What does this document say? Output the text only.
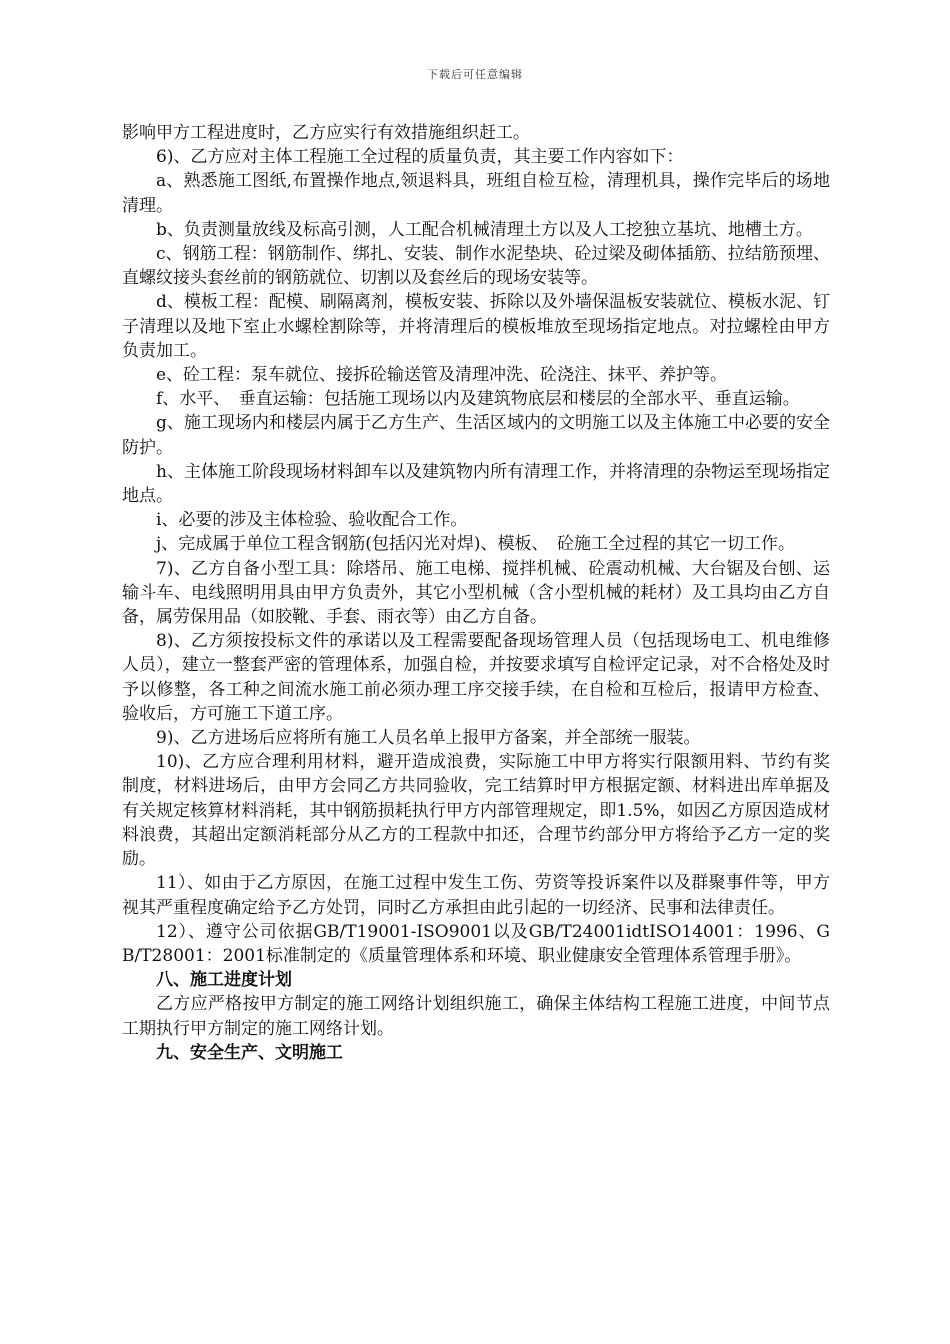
下载后可任意编辑

影响甲方工程进度时，乙方应实行有效措施组织赶工。

6)、乙方应对主体工程施工全过程的质量负责，其主要工作内容如下：

a、熟悉施工图纸,布置操作地点,领退料具，班组自检互检，清理机具，操作完毕后的场地清理。

b、负责测量放线及标高引测，人工配合机械清理土方以及人工挖独立基坑、地槽土方。

c、钢筋工程：钢筋制作、绑扎、安装、制作水泥垫块、砼过梁及砌体插筋、拉结筋预埋、直螺纹接头套丝前的钢筋就位、切割以及套丝后的现场安装等。

d、模板工程：配模、刷隔离剂，模板安装、拆除以及外墙保温板安装就位、模板水泥、钉子清理以及地下室止水螺栓割除等，并将清理后的模板堆放至现场指定地点。对拉螺栓由甲方负责加工。

e、砼工程：泵车就位、接拆砼输送管及清理冲洗、砼浇注、抹平、养护等。

f、水平、　垂直运输：包括施工现场以内及建筑物底层和楼层的全部水平、垂直运输。

g、施工现场内和楼层内属于乙方生产、生活区域内的文明施工以及主体施工中必要的安全防护。

h、主体施工阶段现场材料卸车以及建筑物内所有清理工作，并将清理的杂物运至现场指定地点。

i、必要的涉及主体检验、验收配合工作。

j、完成属于单位工程含钢筋(包括闪光对焊)、模板、　砼施工全过程的其它一切工作。

7)、乙方自备小型工具：除塔吊、施工电梯、搅拌机械、砼震动机械、大台锯及台刨、运输斗车、电线照明用具由甲方负责外，其它小型机械（含小型机械的耗材）及工具均由乙方自备，属劳保用品（如胶靴、手套、雨衣等）由乙方自备。

8)、乙方须按投标文件的承诺以及工程需要配备现场管理人员（包括现场电工、机电维修人员），建立一整套严密的管理体系，加强自检，并按要求填写自检评定记录，对不合格处及时予以修整，各工种之间流水施工前必须办理工序交接手续，在自检和互检后，报请甲方检查、验收后，方可施工下道工序。

9)、乙方进场后应将所有施工人员名单上报甲方备案，并全部统一服装。

10)、乙方应合理利用材料，避开造成浪费，实际施工中甲方将实行限额用料、节约有奖制度，材料进场后，由甲方会同乙方共同验收，完工结算时甲方根据定额、材料进出库单据及有关规定核算材料消耗，其中钢筋损耗执行甲方内部管理规定，即1.5%，如因乙方原因造成材料浪费，其超出定额消耗部分从乙方的工程款中扣还，合理节约部分甲方将给予乙方一定的奖励。

11）、如由于乙方原因，在施工过程中发生工伤、劳资等投诉案件以及群聚事件等，甲方视其严重程度确定给予乙方处罚，同时乙方承担由此引起的一切经济、民事和法律责任。

12）、遵守公司依据GB/T19001-ISO9001以及GB/T24001idtISO14001：1996、GB/T28001：2001标准制定的《质量管理体系和环境、职业健康安全管理体系管理手册》。

八、施工进度计划

乙方应严格按甲方制定的施工网络计划组织施工，确保主体结构工程施工进度，中间节点工期执行甲方制定的施工网络计划。

九、安全生产、文明施工
